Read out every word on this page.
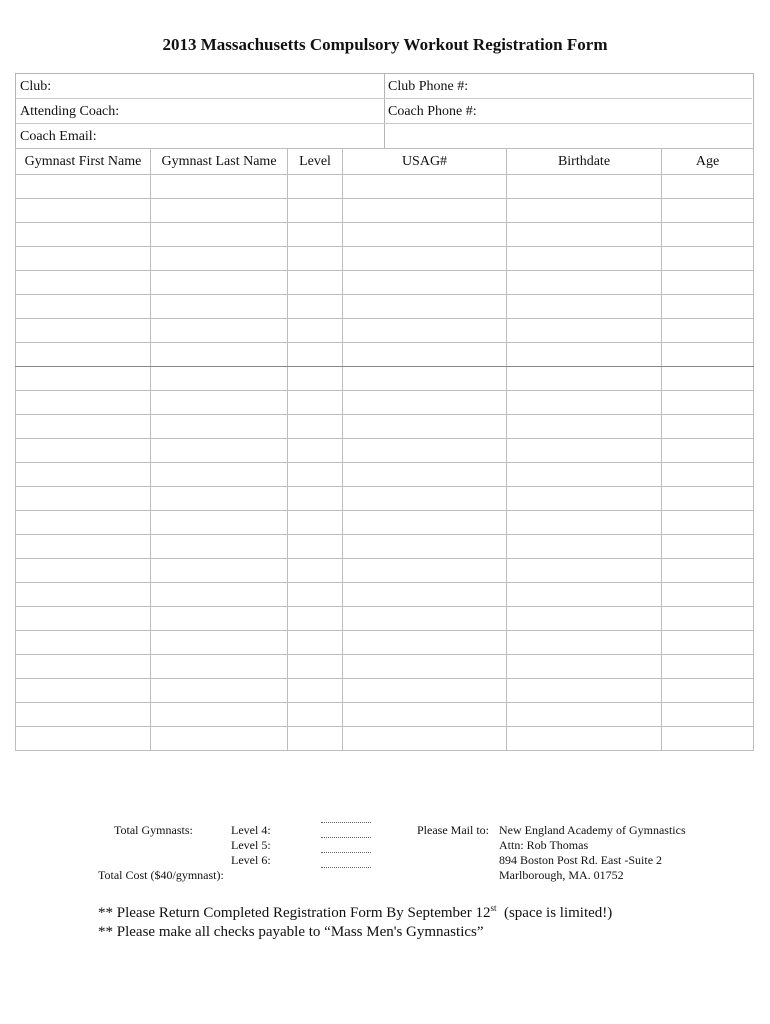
2013 Massachusetts Compulsory Workout Registration Form
Club:	Club Phone #:
Attending Coach:	Coach Phone #:
Coach Email:
Gymnast First Name	Gymnast Last Name	Level	USAG#	Birthdate	Age

Total Gymnasts:	Level 4:
Level 5:
Level 6:
Total Cost ($40/gymnast):
Please Mail to: New England Academy of Gymnastics
Attn: Rob Thomas
894 Boston Post Rd. East -Suite 2
Marlborough, MA. 01752
** Please Return Completed Registration Form By September 12st  (space is limited!)
** Please make all checks payable to “Mass Men's Gymnastics”
